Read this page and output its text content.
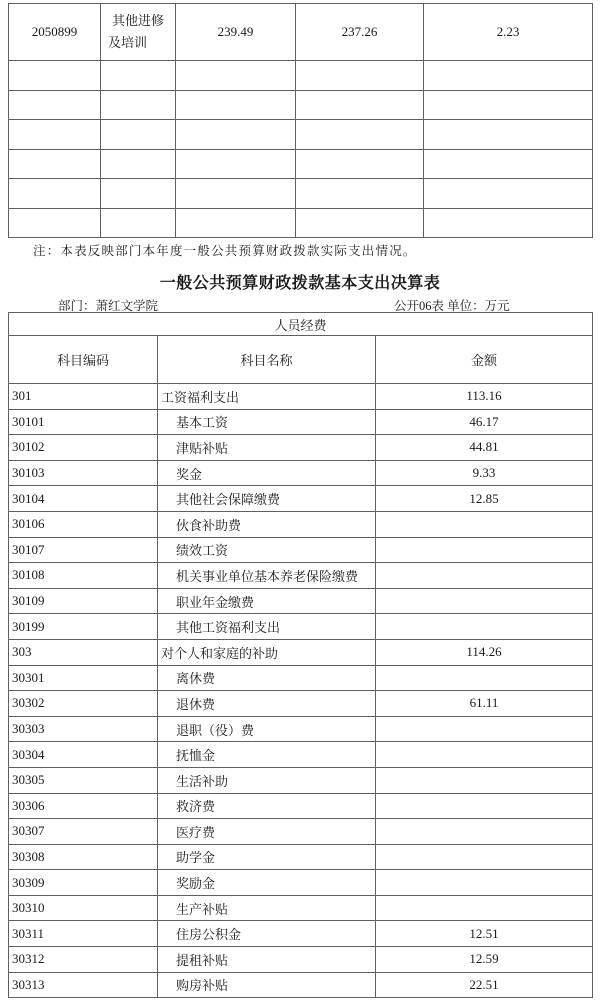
2050899	其他进修及培训	239.49	237.26	2.23

注：本表反映部门本年度一般公共预算财政拨款实际支出情况。
一般公共预算财政拨款基本支出决算表
部门：萧红文学院	公开06表 单位：万元
人员经费		
科目编码	科目名称	金额
301	工资福利支出	113.16
30101	基本工资	46.17
30102	津贴补贴	44.81
30103	奖金	9.33
30104	其他社会保障缴费	12.85
30106	伙食补助费	
30107	绩效工资	
30108	机关事业单位基本养老保险缴费	
30109	职业年金缴费	
30199	其他工资福利支出	
303	对个人和家庭的补助	114.26
30301	离休费	
30302	退休费	61.11
30303	退职（役）费	
30304	抚恤金	
30305	生活补助	
30306	救济费	
30307	医疗费	
30308	助学金	
30309	奖励金	
30310	生产补贴	
30311	住房公积金	12.51
30312	提租补贴	12.59
30313	购房补贴	22.51
